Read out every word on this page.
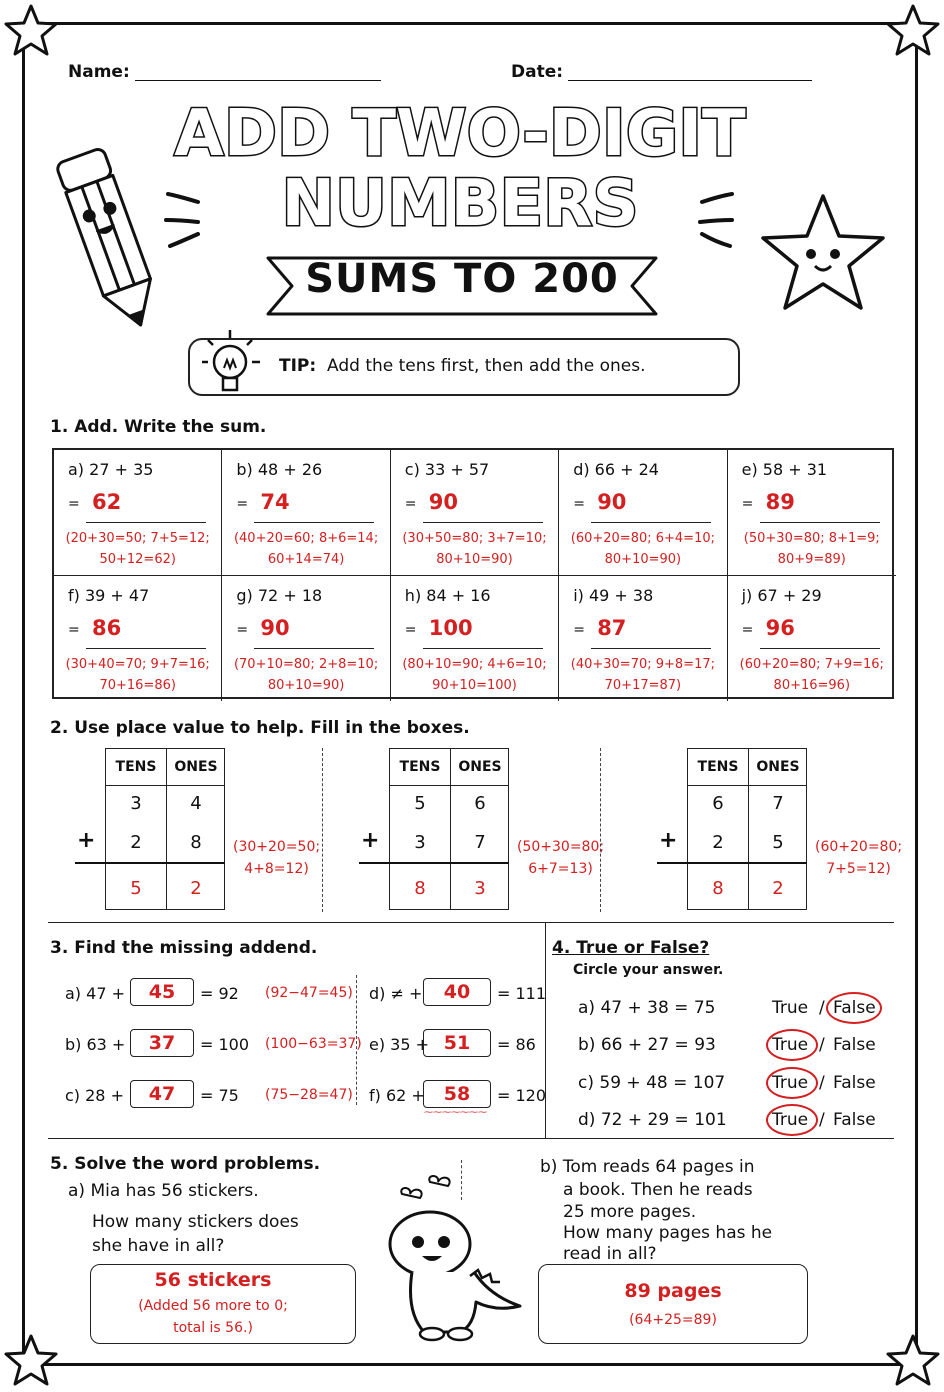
Name:	Date:
ADD TWO-DIGIT
NUMBERS
SUMS TO 200
TIP: Add the tens first, then add the ones.
1. Add. Write the sum.
a) 27 + 35
= 62
(20+30=50; 7+5=12;
50+12=62)
b) 48 + 26
= 74
(40+20=60; 8+6=14;
60+14=74)
c) 33 + 57
= 90
(30+50=80; 3+7=10;
80+10=90)
d) 66 + 24
= 90
(60+20=80; 6+4=10;
80+10=90)
e) 58 + 31
= 89
(50+30=80; 8+1=9;
80+9=89)
f) 39 + 47
= 86
(30+40=70; 9+7=16;
70+16=86)
g) 72 + 18
= 90
(70+10=80; 2+8=10;
80+10=90)
h) 84 + 16
= 100
(80+10=90; 4+6=10;
90+10=100)
i) 49 + 38
= 87
(40+30=70; 9+8=17;
70+17=87)
j) 67 + 29
= 96
(60+20=80; 7+9=16;
80+16=96)
2. Use place value to help. Fill in the boxes.
TENS	ONES
3	4
2	8
5	2
+	(30+20=50;
4+8=12)
TENS	ONES
5	6
3	7
8	3
+	(50+30=80;
6+7=13)
TENS	ONES
6	7
2	5
8	2
+	(60+20=80;
7+5=12)
3. Find the missing addend.
a) 47 +	45	= 92 (92−47=45)
b) 63 +	37	= 100 (100−63=37)
c) 28 +	47	= 75 (75−28=47)
d) ≠ +	40	= 111
e) 35 + 51	= 86
f) 62 + 58	= 120
⁓⁓⁓⁓⁓⁓⁓
4. True or False?
Circle your answer.
a) 47 + 38 = 75	True / False
b) 66 + 27 = 93	True / False
c) 59 + 48 = 107	True / False
d) 72 + 29 = 101	True / False
5. Solve the word problems.
a) Mia has 56 stickers.
How many stickers does
she have in all?
56 stickers
(Added 56 more to 0;
total is 56.)
b) Tom reads 64 pages in
a book. Then he reads
25 more pages.
How many pages has he
read in all?
89 pages
(64+25=89)
